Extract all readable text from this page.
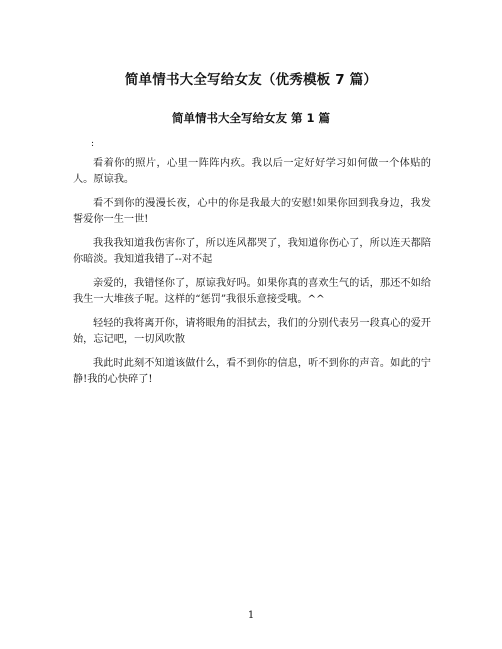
简单情书大全写给女友（优秀模板 7 篇）
简单情书大全写给女友 第 1 篇
:

看着你的照片，心里一阵阵内疚。我以后一定好好学习如何做一个体贴的人。原谅我。

看不到你的漫漫长夜，心中的你是我最大的安慰!如果你回到我身边，我发誓爱你一生一世!

我我我知道我伤害你了，所以连风都哭了，我知道你伤心了，所以连天都陪你暗淡。我知道我错了--对不起

亲爱的，我错怪你了，原谅我好吗。如果你真的喜欢生气的话，那还不如给我生一大堆孩子呢。这样的“惩罚”我很乐意接受哦。^^

轻轻的我将离开你，请将眼角的泪拭去，我们的分别代表另一段真心的爱开始，忘记吧，一切风吹散

我此时此刻不知道该做什么，看不到你的信息，听不到你的声音。如此的宁静!我的心快碎了!

1
